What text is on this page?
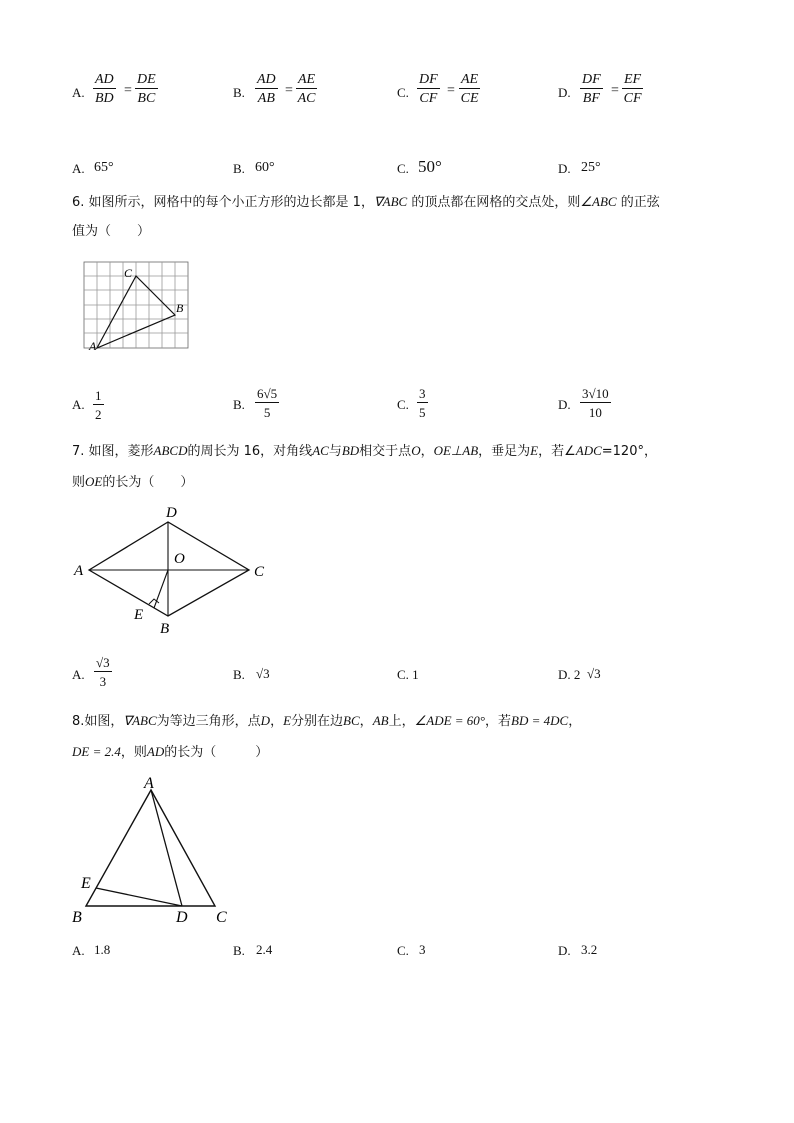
A. $\frac{AD}{BD} = \frac{DE}{BC}$	B. $\frac{AD}{AB} = \frac{AE}{AC}$	C. $\frac{DF}{CF} = \frac{AE}{CE}$	D. $\frac{DF}{BF} = \frac{EF}{CF}$
A. 65°	B. 60°	C. 50°	D. 25°
6. 如图所示，网格中的每个小正方形的边长都是 1，∇ABC 的顶点都在网格的交点处，则∠ABC 的正弦
值为（　　）
C
B
A
A. $\frac{1}{2}$	B. $\frac{6√5}{5}$	C. $\frac{3}{5}$	D. $\frac{3√10}{10}$
7. 如图，菱形ABCD的周长为 16，对角线AC与BD相交于点O，OE⊥AB，垂足为E，若∠ADC=120°，
则OE的长为（　　）
D
O
A	C
E
B
A. $\frac{√3}{3}$	B. √3	C. 1	D. 2 √3
8.如图，∇ABC为等边三角形，点D，E分别在边BC，AB上，∠ADE = 60°，若BD = 4DC，
DE = 2.4，则AD的长为（　　　）
A
E
B	D C
A. 1.8	B. 2.4	C. 3	D. 3.2
